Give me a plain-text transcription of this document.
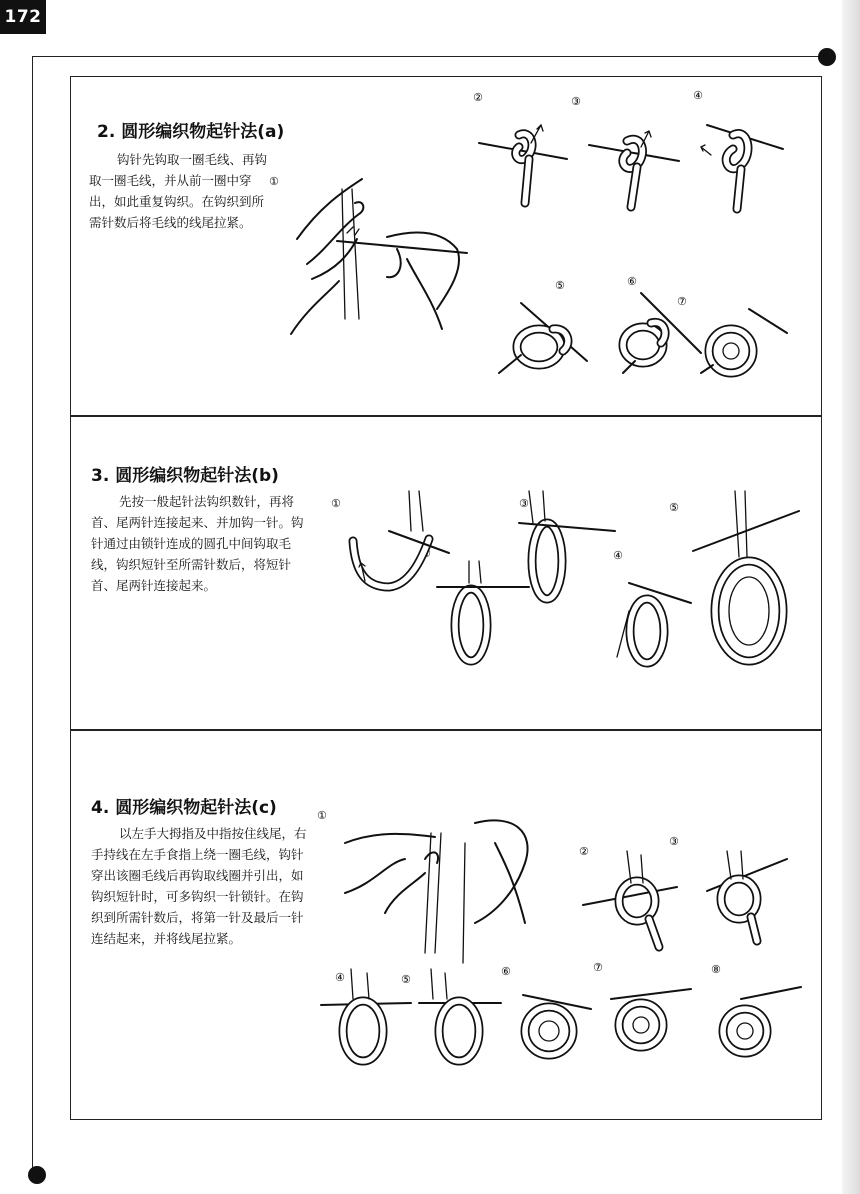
172
2. 圆形编织物起针法(a)

钩针先钩取一圈毛线、再钩取一圈毛线，并从前一圈中穿出，如此重复钩织。在钩织到所需针数后将毛线的线尾拉紧。

①
②	③	④
⑤	⑥
⑦
3. 圆形编织物起针法(b)

先按一般起针法钩织数针，再将首、尾两针连接起来、并加钩一针。钩针通过由锁针连成的圆孔中间钩取毛线，钩织短针至所需针数后，将短针首、尾两针连接起来。

①
②
③
④
⑤
4. 圆形编织物起针法(c)

以左手大拇指及中指按住线尾，右手持线在左手食指上绕一圈毛线，钩针穿出该圈毛线后再钩取线圈并引出，如钩织短针时，可多钩织一针锁针。在钩织到所需针数后，将第一针及最后一针连结起来，并将线尾拉紧。

①
②
③
④	⑤
⑥	⑦	⑧
